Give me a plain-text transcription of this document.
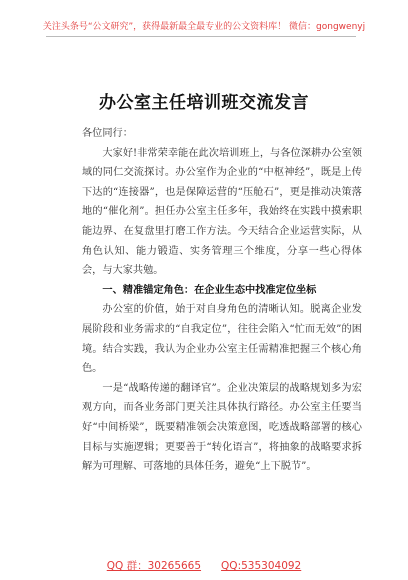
关注头条号“公文研究”，获得最新最全最专业的公文资料库！ 微信：gongwenyj
办公室主任培训班交流发言

各位同行：

大家好!非常荣幸能在此次培训班上，与各位深耕办公室领域的同仁交流探讨。办公室作为企业的“中枢神经”，既是上传下达的“连接器”，也是保障运营的“压舱石”，更是推动决策落地的“催化剂”。担任办公室主任多年，我始终在实践中摸索职能边界、在复盘里打磨工作方法。今天结合企业运营实际，从角色认知、能力锻造、实务管理三个维度，分享一些心得体会，与大家共勉。

一、精准锚定角色：在企业生态中找准定位坐标

办公室的价值，始于对自身角色的清晰认知。脱离企业发展阶段和业务需求的“自我定位”，往往会陷入“忙而无效”的困境。结合实践，我认为企业办公室主任需精准把握三个核心角色。

一是“战略传递的翻译官”。企业决策层的战略规划多为宏观方向，而各业务部门更关注具体执行路径。办公室主任要当好“中间桥梁”，既要精准领会决策意图，吃透战略部署的核心目标与实施逻辑；更要善于“转化语言”，将抽象的战略要求拆解为可理解、可落地的具体任务，避免“上下脱节”。

QQ 群：30265665 QQ:535304092
